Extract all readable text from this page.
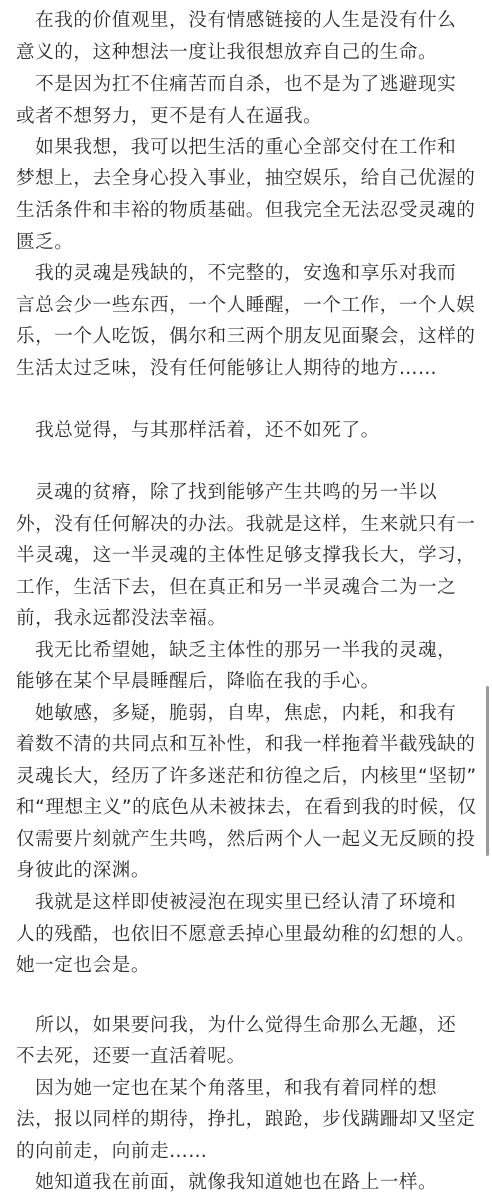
　在我的价值观里，没有情感链接的人生是没有什么
意义的，这种想法一度让我很想放弃自己的生命。
　不是因为扛不住痛苦而自杀，也不是为了逃避现实
或者不想努力，更不是有人在逼我。
　如果我想，我可以把生活的重心全部交付在工作和
梦想上，去全身心投入事业，抽空娱乐，给自己优渥的
生活条件和丰裕的物质基础。但我完全无法忍受灵魂的
匮乏。
　我的灵魂是残缺的，不完整的，安逸和享乐对我而
言总会少一些东西，一个人睡醒，一个工作，一个人娱
乐，一个人吃饭，偶尔和三两个朋友见面聚会，这样的
生活太过乏味，没有任何能够让人期待的地方……
　我总觉得，与其那样活着，还不如死了。
　灵魂的贫瘠，除了找到能够产生共鸣的另一半以
外，没有任何解决的办法。我就是这样，生来就只有一
半灵魂，这一半灵魂的主体性足够支撑我长大，学习，
工作，生活下去，但在真正和另一半灵魂合二为一之
前，我永远都没法幸福。
　我无比希望她，缺乏主体性的那另一半我的灵魂，
能够在某个早晨睡醒后，降临在我的手心。
　她敏感，多疑，脆弱，自卑，焦虑，内耗，和我有
着数不清的共同点和互补性，和我一样拖着半截残缺的
灵魂长大，经历了许多迷茫和彷徨之后，内核里“坚韧”
和“理想主义”的底色从未被抹去，在看到我的时候，仅
仅需要片刻就产生共鸣，然后两个人一起义无反顾的投
身彼此的深渊。
　我就是这样即使被浸泡在现实里已经认清了环境和
人的残酷，也依旧不愿意丢掉心里最幼稚的幻想的人。
她一定也会是。
　所以，如果要问我，为什么觉得生命那么无趣，还
不去死，还要一直活着呢。
　因为她一定也在某个角落里，和我有着同样的想
法，报以同样的期待，挣扎，踉跄，步伐蹒跚却又坚定
的向前走，向前走……
　她知道我在前面，就像我知道她也在路上一样。
